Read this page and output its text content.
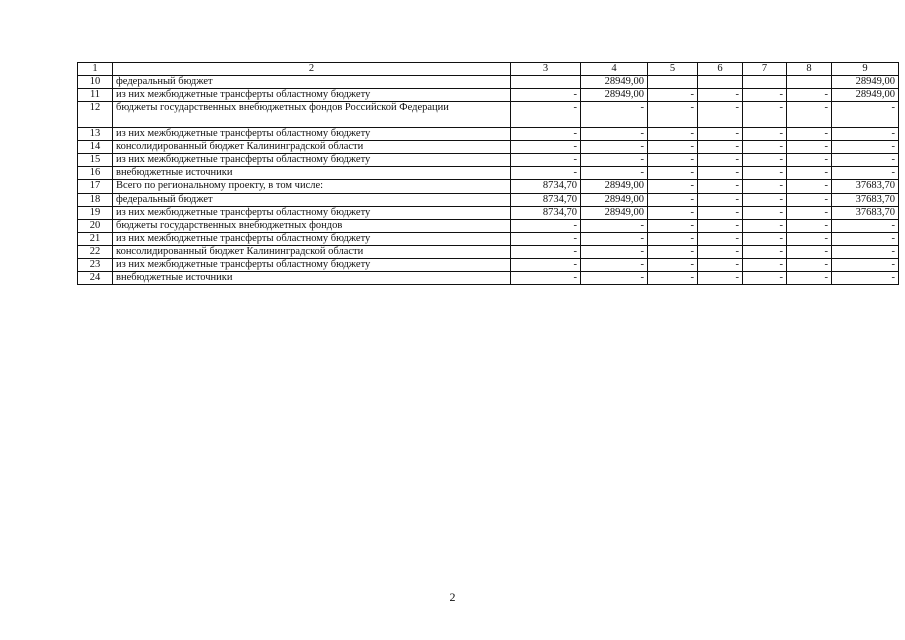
1	2	3	4	5	6	7	8	9
10	федеральный бюджет		28949,00					28949,00
11	из них межбюджетные трансферты областному бюджету	-	28949,00	-	-	-	-	28949,00
12	бюджеты государственных внебюджетных фондов Российской Федерации	-	-	-	-	-	-	-
13	из них межбюджетные трансферты областному бюджету	-	-	-	-	-	-	-
14	консолидированный бюджет Калининградской области	-	-	-	-	-	-	-
15	из них межбюджетные трансферты областному бюджету	-	-	-	-	-	-	-
16	внебюджетные источники	-	-	-	-	-	-	-
17	Всего по региональному проекту, в том числе:	8734,70	28949,00	-	-	-	-	37683,70
18	федеральный бюджет	8734,70	28949,00	-	-	-	-	37683,70
19	из них межбюджетные трансферты областному бюджету	8734,70	28949,00	-	-	-	-	37683,70
20	бюджеты государственных внебюджетных фондов	-	-	-	-	-	-	-
21	из них межбюджетные трансферты областному бюджету	-	-	-	-	-	-	-
22	консолидированный бюджет Калининградской области	-	-	-	-	-	-	-
23	из них межбюджетные трансферты областному бюджету	-	-	-	-	-	-	-
24	внебюджетные источники	-	-	-	-	-	-	-
2
